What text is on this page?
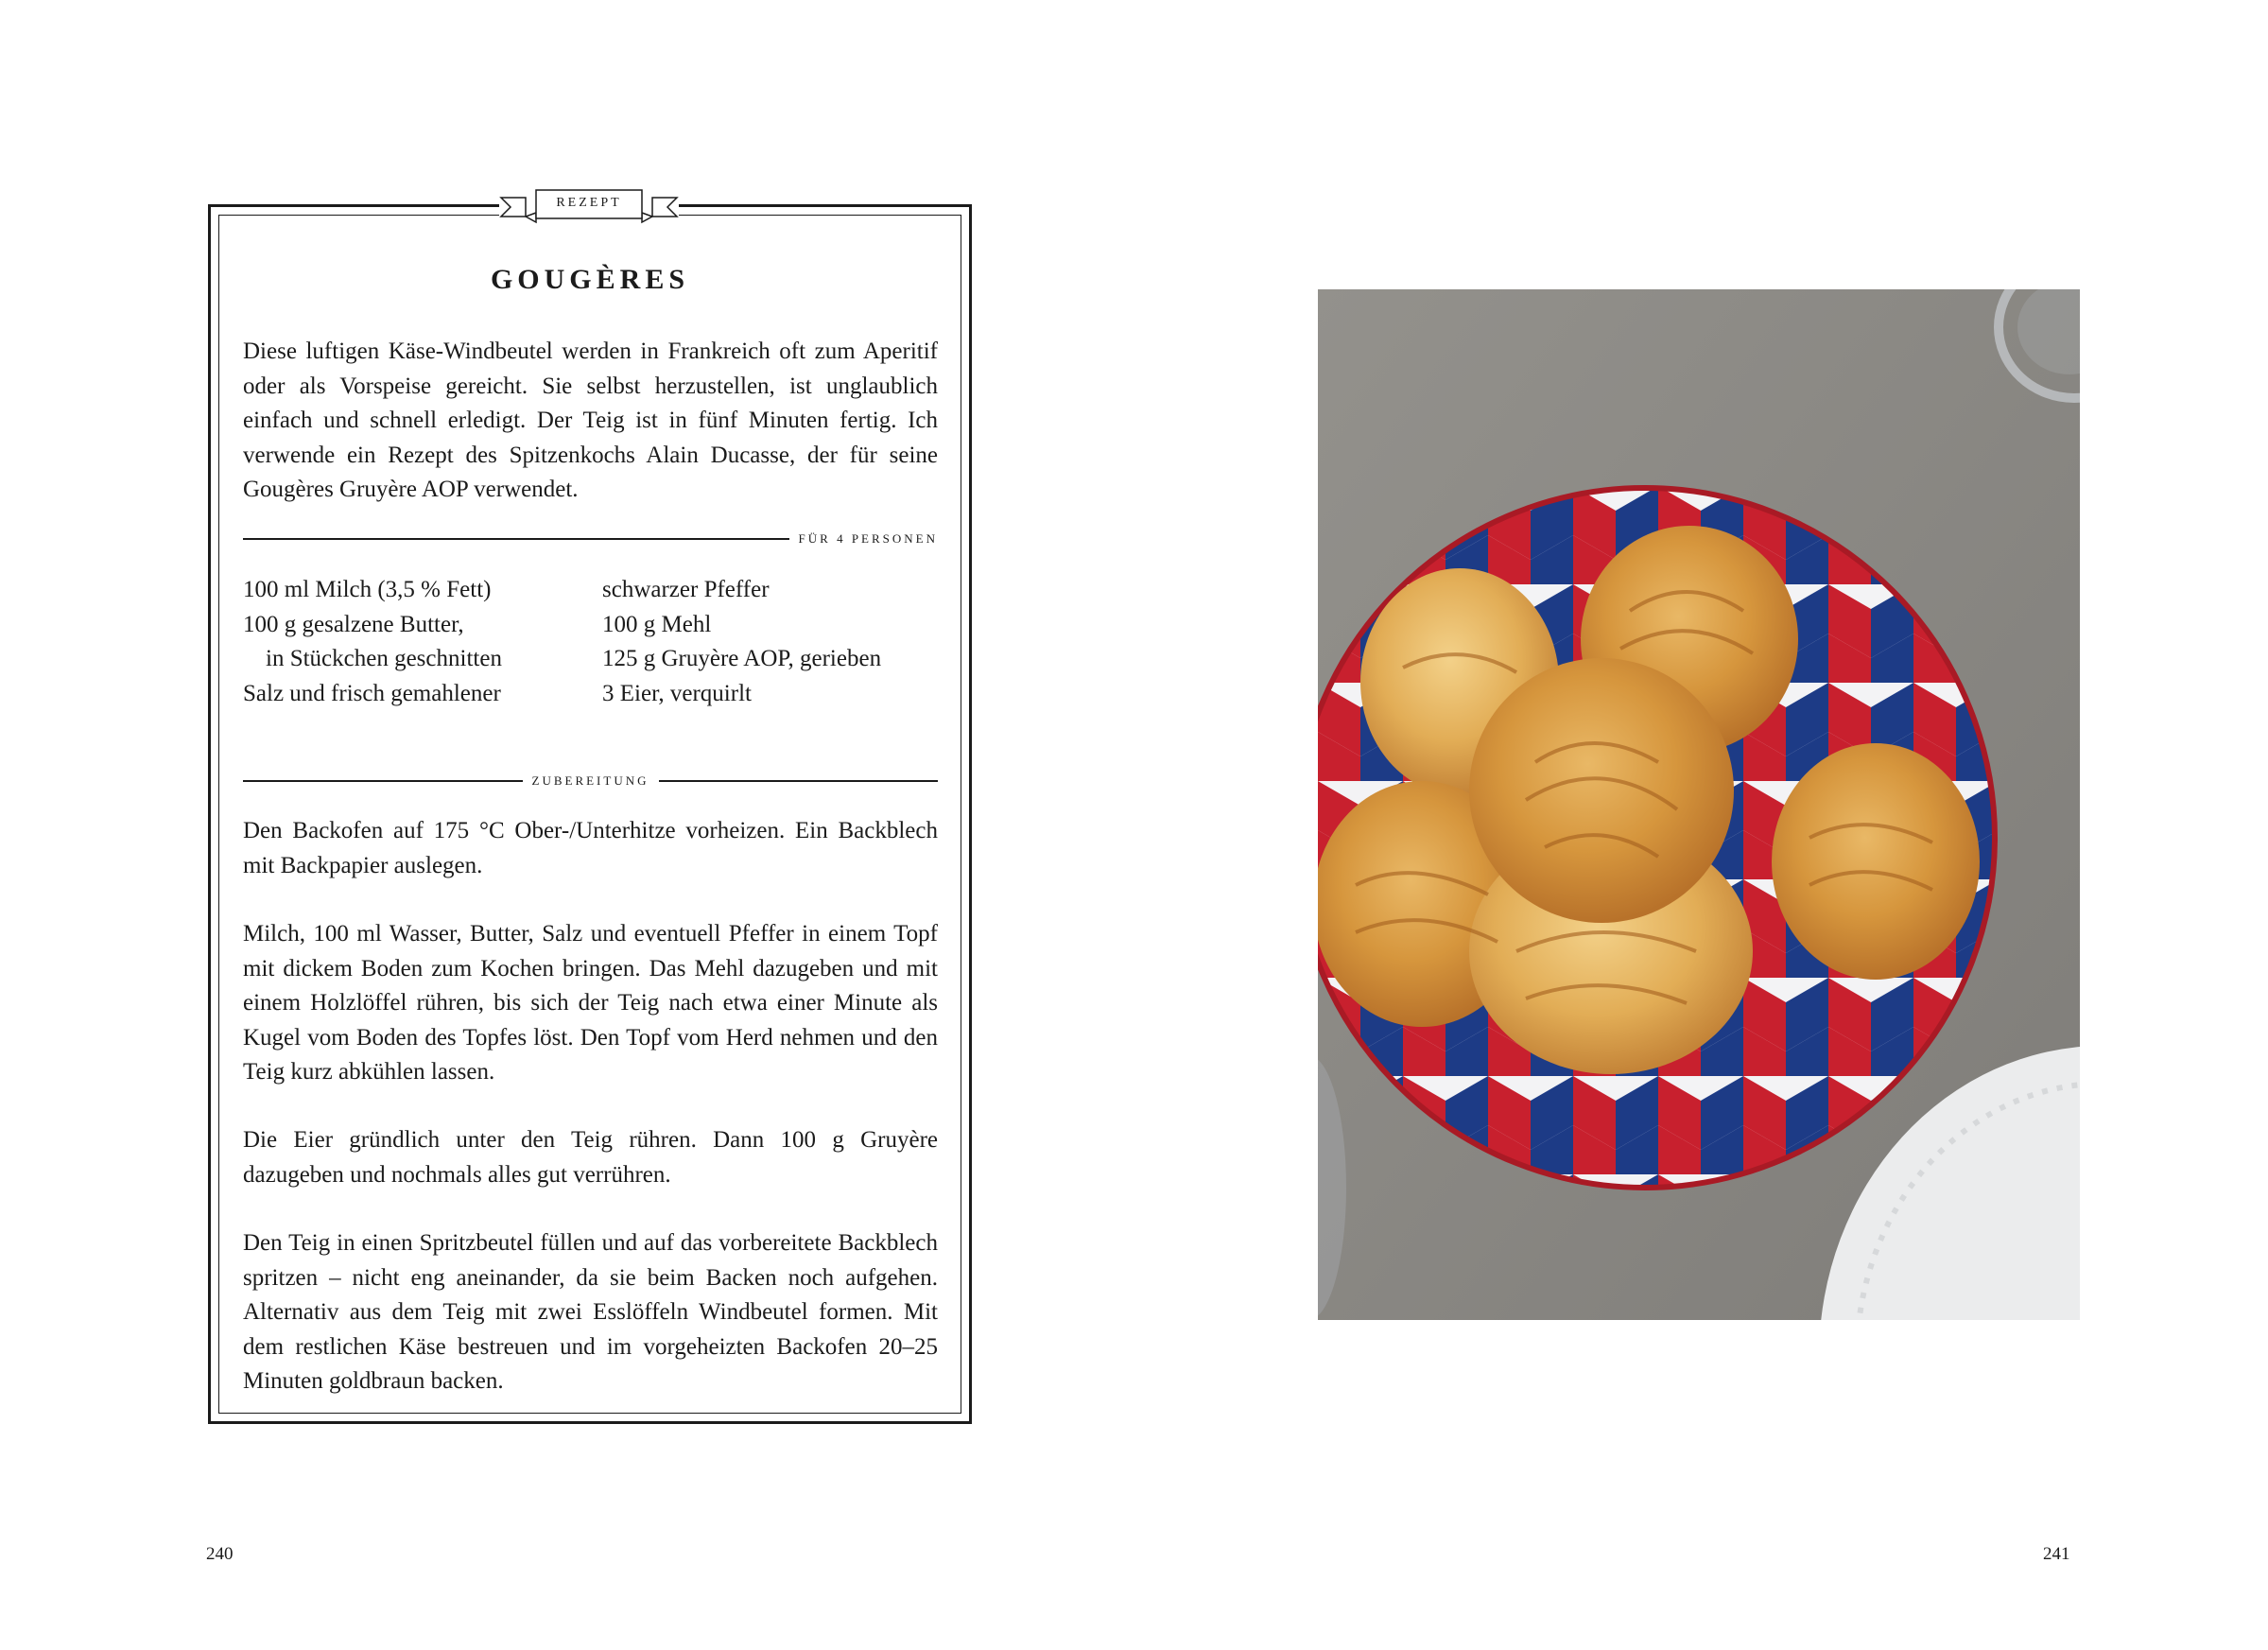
REZEPT
GOUGÈRES

Diese luftigen Käse-Windbeutel werden in Frankreich oft zum Aperitif oder als Vorspeise gereicht. Sie selbst herzustellen, ist unglaublich einfach und schnell erledigt. Der Teig ist in fünf Minuten fertig. Ich verwende ein Rezept des Spitzenkochs Alain Ducasse, der für seine Gougères Gruyère AOP verwendet.

FÜR 4 PERSONEN
100 ml Milch (3,5 % Fett)
100 g gesalzene Butter,
in Stückchen geschnitten
Salz und frisch gemahlener
schwarzer Pfeffer
100 g Mehl
125 g Gruyère AOP, gerieben
3 Eier, verquirlt
ZUBEREITUNG

Den Backofen auf 175 °C Ober-/Unterhitze vorheizen. Ein Backblech mit Backpapier auslegen.

Milch, 100 ml Wasser, Butter, Salz und eventuell Pfeffer in einem Topf mit dickem Boden zum Kochen bringen. Das Mehl dazugeben und mit einem Holzlöffel rühren, bis sich der Teig nach etwa einer Minute als Kugel vom Boden des Topfes löst. Den Topf vom Herd nehmen und den Teig kurz abkühlen lassen.

Die Eier gründlich unter den Teig rühren. Dann 100 g Gruyère dazugeben und nochmals alles gut verrühren.

Den Teig in einen Spritzbeutel füllen und auf das vorbereitete Backblech spritzen – nicht eng aneinander, da sie beim Backen noch aufgehen. Alternativ aus dem Teig mit zwei Esslöffeln Windbeutel formen. Mit dem restlichen Käse bestreuen und im vorgeheizten Backofen 20–25 Minuten goldbraun backen.

240	241
